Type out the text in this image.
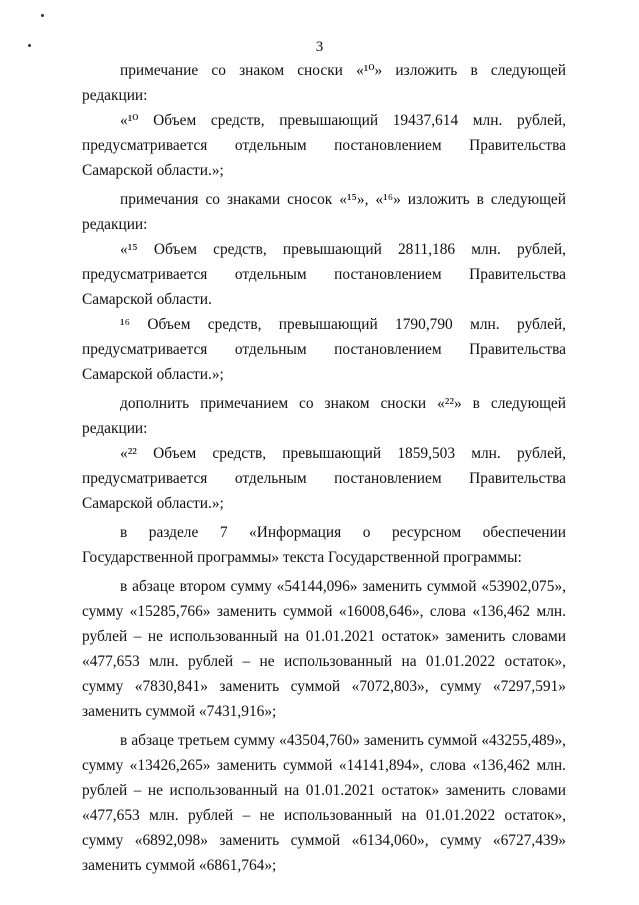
3

примечание со знаком сноски «¹⁰» изложить в следующей редакции:

«¹⁰ Объем средств, превышающий 19437,614 млн. рублей, предусматривается отдельным постановлением Правительства Самарской области.»;

примечания со знаками сносок «¹⁵», «¹⁶» изложить в следующей редакции:

«¹⁵ Объем средств, превышающий 2811,186 млн. рублей, предусматривается отдельным постановлением Правительства Самарской области.

¹⁶ Объем средств, превышающий 1790,790 млн. рублей, предусматривается отдельным постановлением Правительства Самарской области.»;

дополнить примечанием со знаком сноски «²²» в следующей редакции:

«²² Объем средств, превышающий 1859,503 млн. рублей, предусматривается отдельным постановлением Правительства Самарской области.»;

в разделе 7 «Информация о ресурсном обеспечении Государственной программы» текста Государственной программы:

в абзаце втором сумму «54144,096» заменить суммой «53902,075», сумму «15285,766» заменить суммой «16008,646», слова «136,462 млн. рублей – не использованный на 01.01.2021 остаток» заменить словами «477,653 млн. рублей – не использованный на 01.01.2022 остаток», сумму «7830,841» заменить суммой «7072,803», сумму «7297,591» заменить суммой «7431,916»;

в абзаце третьем сумму «43504,760» заменить суммой «43255,489», сумму «13426,265» заменить суммой «14141,894», слова «136,462 млн. рублей – не использованный на 01.01.2021 остаток» заменить словами «477,653 млн. рублей – не использованный на 01.01.2022 остаток», сумму «6892,098» заменить суммой «6134,060», сумму «6727,439» заменить суммой «6861,764»;
